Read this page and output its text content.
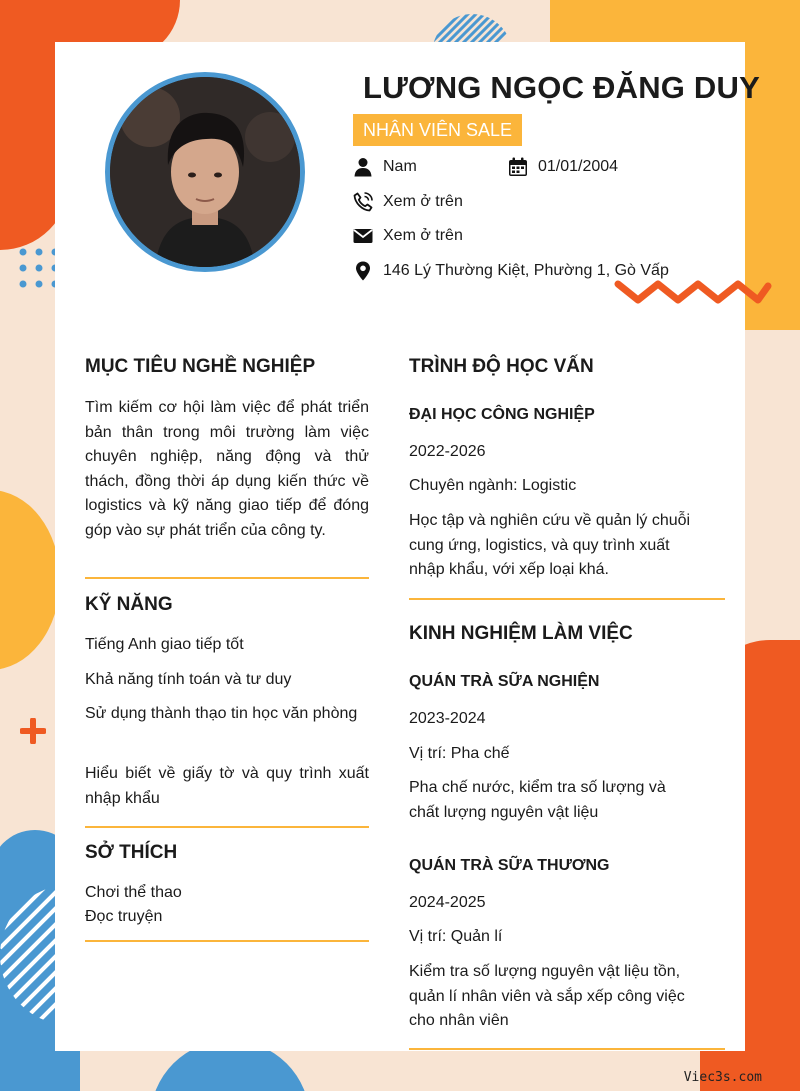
LƯƠNG NGỌC ĐĂNG DUY
NHÂN VIÊN SALE
Nam	01/01/2004
Xem ở trên
Xem ở trên
146 Lý Thường Kiệt, Phường 1, Gò Vấp
MỤC TIÊU NGHỀ NGHIỆP
Tìm kiếm cơ hội làm việc để phát triển bản thân trong môi trường làm việc chuyên nghiệp, năng động và thử thách, đồng thời áp dụng kiến thức về logistics và kỹ năng giao tiếp để đóng góp vào sự phát triển của công ty.
KỸ NĂNG
Tiếng Anh giao tiếp tốt
Khả năng tính toán và tư duy
Sử dụng thành thạo tin học văn phòng
Hiểu biết về giấy tờ và quy trình xuất nhập khẩu
SỞ THÍCH
Chơi thể thao
Đọc truyện
TRÌNH ĐỘ HỌC VẤN
ĐẠI HỌC CÔNG NGHIỆP
2022-2026
Chuyên ngành: Logistic
Học tập và nghiên cứu về quản lý chuỗi cung ứng, logistics, và quy trình xuất nhập khẩu, với xếp loại khá.
KINH NGHIỆM LÀM VIỆC
QUÁN TRÀ SỮA NGHIỆN
2023-2024
Vị trí: Pha chế
Pha chế nước, kiểm tra số lượng và chất lượng nguyên vật liệu
QUÁN TRÀ SỮA THƯƠNG
2024-2025
Vị trí: Quản lí
Kiểm tra số lượng nguyên vật liệu tồn, quản lí nhân viên và sắp xếp công việc cho nhân viên
Viec3s.com
